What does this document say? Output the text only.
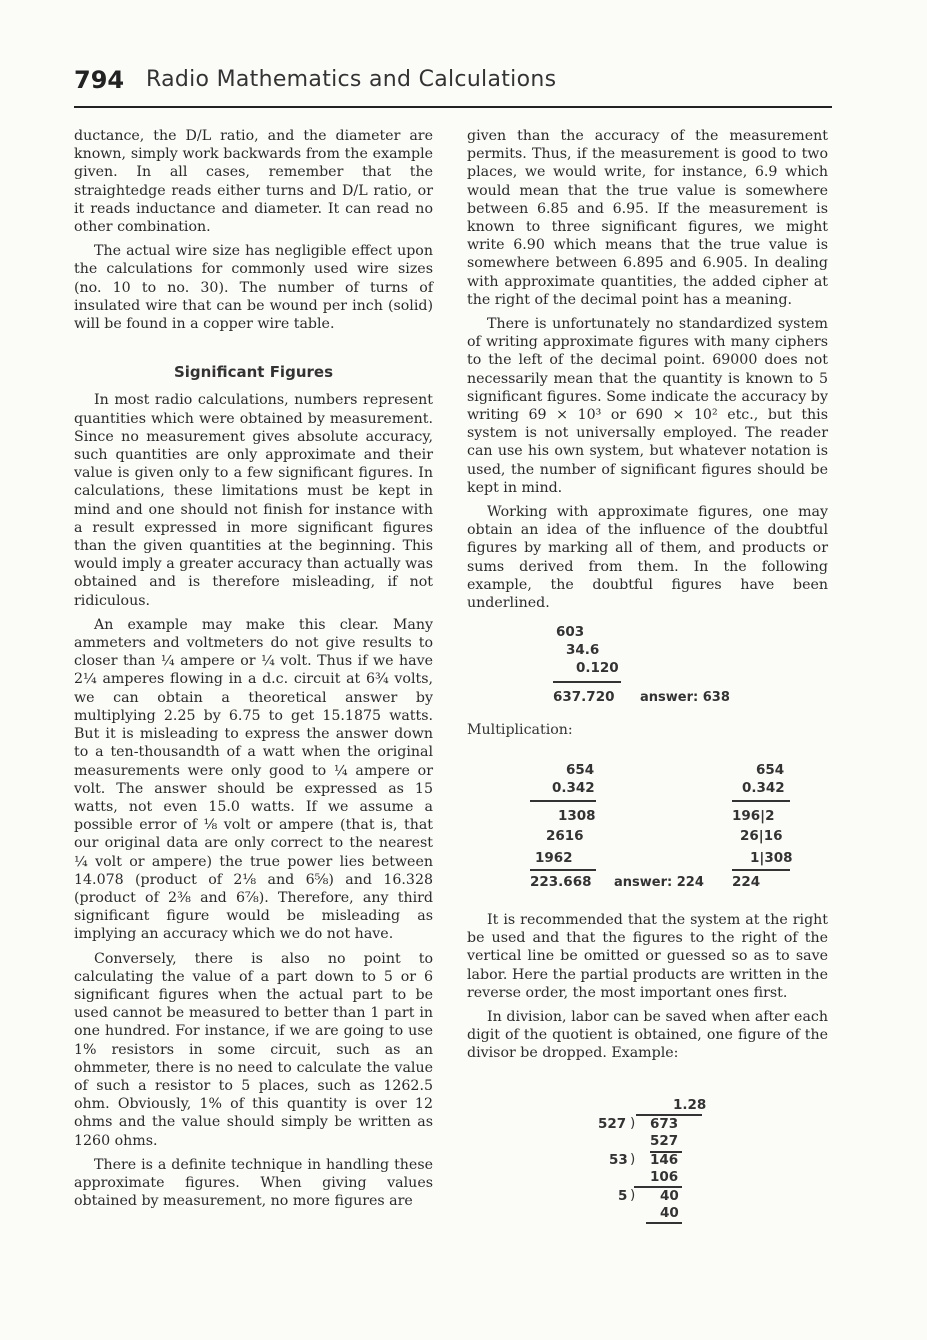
794 Radio Mathematics and Calculations

ductance, the D/L ratio, and the diameter are known, simply work backwards from the example given. In all cases, remember that the straightedge reads either turns and D/L ratio, or it reads inductance and diameter. It can read no other combination.

The actual wire size has negligible effect upon the calculations for commonly used wire sizes (no. 10 to no. 30). The number of turns of insulated wire that can be wound per inch (solid) will be found in a copper wire table.

Significant Figures

In most radio calculations, numbers represent quantities which were obtained by measurement. Since no measurement gives absolute accuracy, such quantities are only approximate and their value is given only to a few significant figures. In calculations, these limitations must be kept in mind and one should not finish for instance with a result expressed in more significant figures than the given quantities at the beginning. This would imply a greater accuracy than actually was obtained and is therefore misleading, if not ridiculous.

An example may make this clear. Many ammeters and voltmeters do not give results to closer than ¼ ampere or ¼ volt. Thus if we have 2¼ amperes flowing in a d.c. circuit at 6¾ volts, we can obtain a theoretical answer by multiplying 2.25 by 6.75 to get 15.1875 watts. But it is misleading to express the answer down to a ten-thousandth of a watt when the original measurements were only good to ¼ ampere or volt. The answer should be expressed as 15 watts, not even 15.0 watts. If we assume a possible error of ⅛ volt or ampere (that is, that our original data are only correct to the nearest ¼ volt or ampere) the true power lies between 14.078 (product of 2⅛ and 6⅝) and 16.328 (product of 2⅜ and 6⅞). Therefore, any third significant figure would be misleading as implying an accuracy which we do not have.

Conversely, there is also no point to calculating the value of a part down to 5 or 6 significant figures when the actual part to be used cannot be measured to better than 1 part in one hundred. For instance, if we are going to use 1% resistors in some circuit, such as an ohmmeter, there is no need to calculate the value of such a resistor to 5 places, such as 1262.5 ohm. Obviously, 1% of this quantity is over 12 ohms and the value should simply be written as 1260 ohms.

There is a definite technique in handling these approximate figures. When giving values obtained by measurement, no more figures are

given than the accuracy of the measurement permits. Thus, if the measurement is good to two places, we would write, for instance, 6.9 which would mean that the true value is somewhere between 6.85 and 6.95. If the measurement is known to three significant figures, we might write 6.90 which means that the true value is somewhere between 6.895 and 6.905. In dealing with approximate quantities, the added cipher at the right of the decimal point has a meaning.

There is unfortunately no standardized system of writing approximate figures with many ciphers to the left of the decimal point. 69000 does not necessarily mean that the quantity is known to 5 significant figures. Some indicate the accuracy by writing 69 × 10³ or 690 × 10² etc., but this system is not universally employed. The reader can use his own system, but whatever notation is used, the number of significant figures should be kept in mind.

Working with approximate figures, one may obtain an idea of the influence of the doubtful figures by marking all of them, and products or sums derived from them. In the following example, the doubtful figures have been underlined.

603
34.6
0.120
637.720 answer: 638
Multiplication:
654
0.342
1308
2616
1962
223.668 answer: 224
654
0.342
196|2
26|16
1|308
224

It is recommended that the system at the right be used and that the figures to the right of the vertical line be omitted or guessed so as to save labor. Here the partial products are written in the reverse order, the most important ones first.

In division, labor can be saved when after each digit of the quotient is obtained, one figure of the divisor be dropped. Example:

1.28
527 ) 673
527
53 ) 146
106
5 ) 40
40
